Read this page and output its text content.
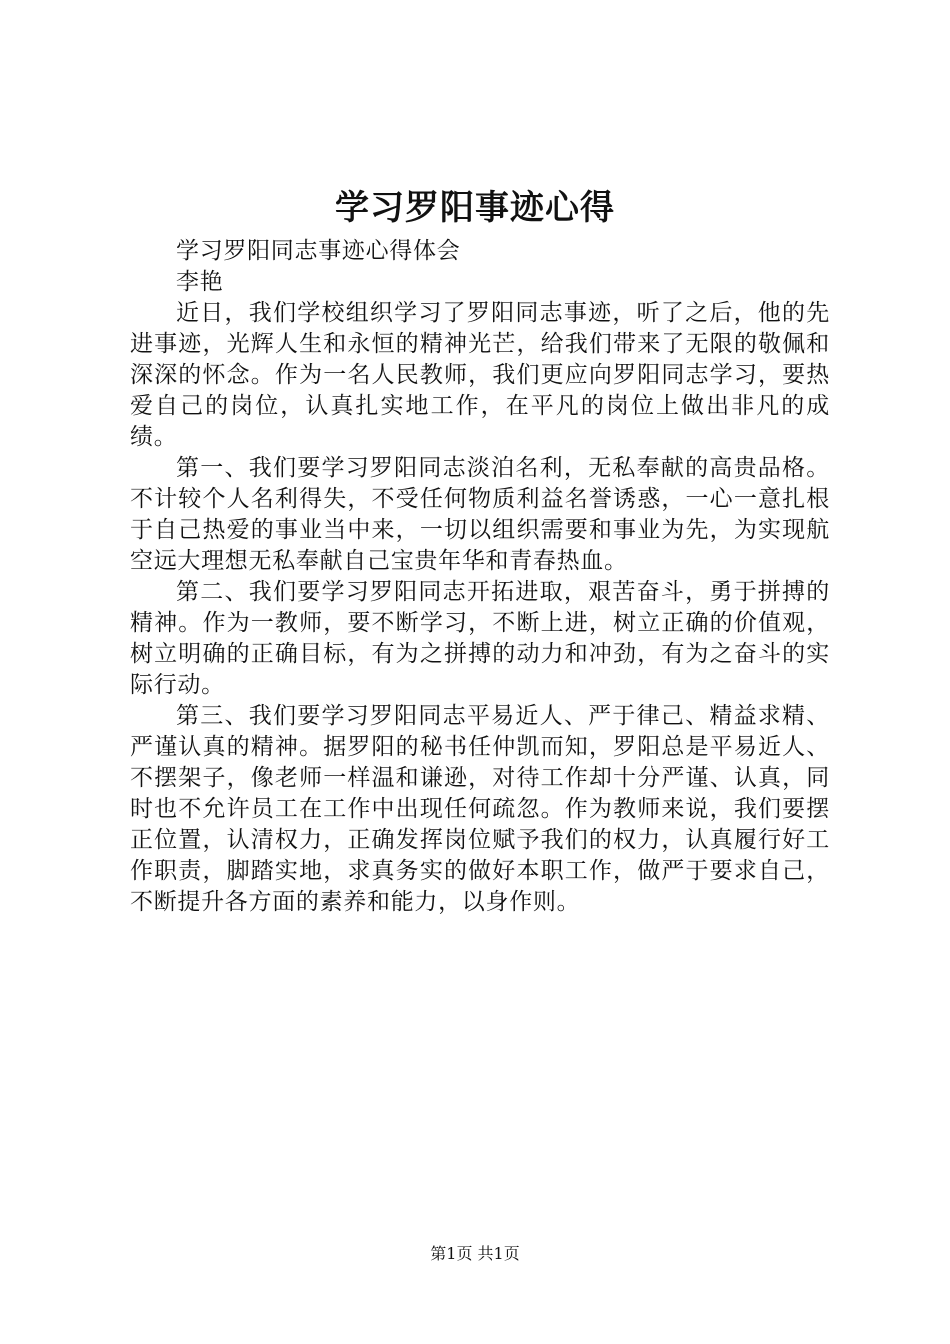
学习罗阳事迹心得

学习罗阳同志事迹心得体会

李艳

近日，我们学校组织学习了罗阳同志事迹，听了之后，他的先进事迹，光辉人生和永恒的精神光芒，给我们带来了无限的敬佩和深深的怀念。作为一名人民教师，我们更应向罗阳同志学习，要热爱自己的岗位，认真扎实地工作，在平凡的岗位上做出非凡的成绩。

第一、我们要学习罗阳同志淡泊名利，无私奉献的高贵品格。不计较个人名利得失，不受任何物质利益名誉诱惑，一心一意扎根于自己热爱的事业当中来，一切以组织需要和事业为先，为实现航空远大理想无私奉献自己宝贵年华和青春热血。

第二、我们要学习罗阳同志开拓进取，艰苦奋斗，勇于拼搏的精神。作为一教师，要不断学习，不断上进，树立正确的价值观，树立明确的正确目标，有为之拼搏的动力和冲劲，有为之奋斗的实际行动。

第三、我们要学习罗阳同志平易近人、严于律己、精益求精、严谨认真的精神。据罗阳的秘书任仲凯而知，罗阳总是平易近人、不摆架子，像老师一样温和谦逊，对待工作却十分严谨、认真，同时也不允许员工在工作中出现任何疏忽。作为教师来说，我们要摆正位置，认清权力，正确发挥岗位赋予我们的权力，认真履行好工作职责，脚踏实地，求真务实的做好本职工作，做严于要求自己，不断提升各方面的素养和能力，以身作则。

第1页 共1页
